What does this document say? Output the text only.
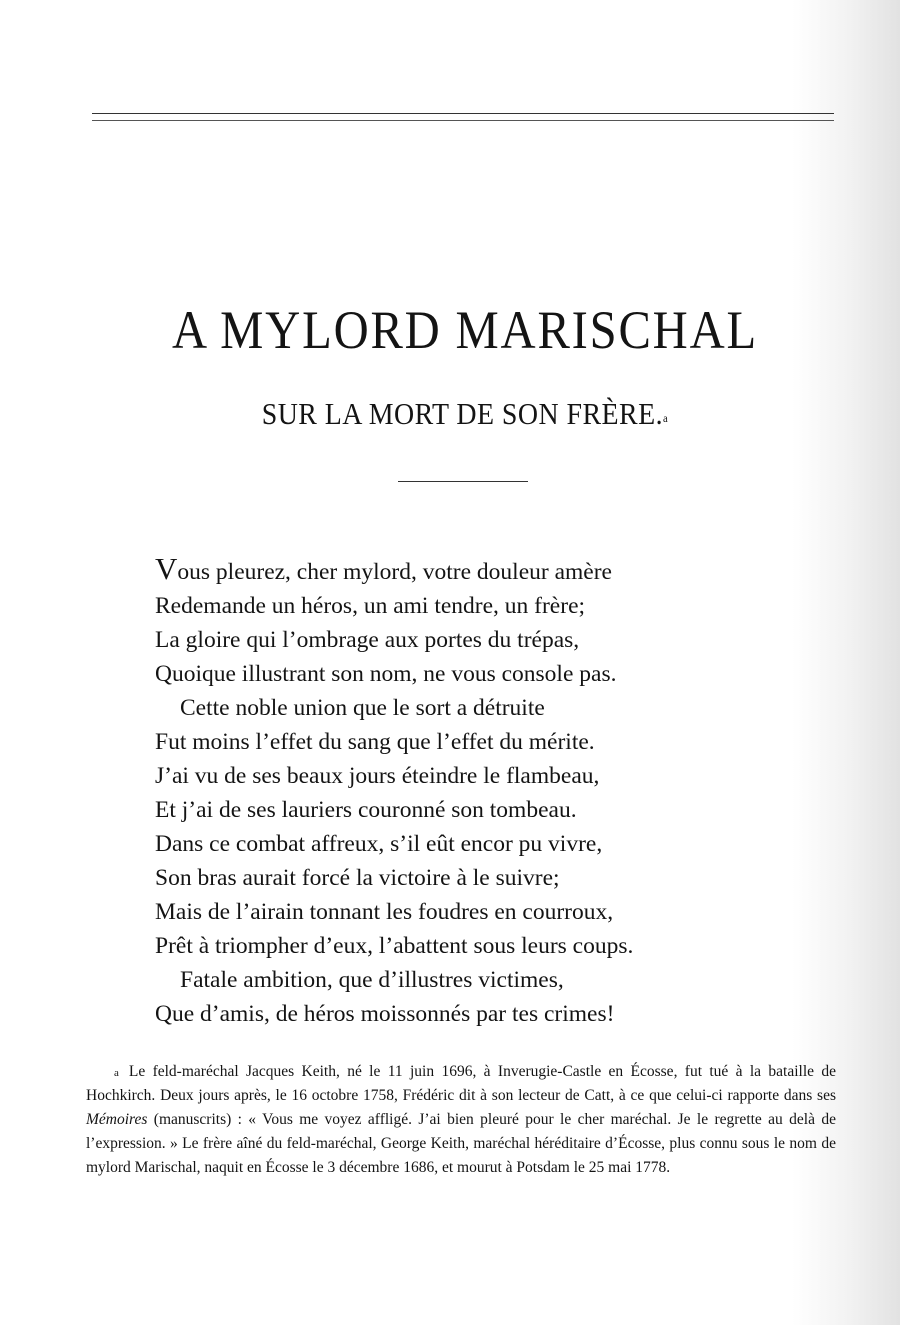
A MYLORD MARISCHAL
SUR LA MORT DE SON FRÈRE.$^a$
Vous pleurez, cher mylord, votre douleur amère
Redemande un héros, un ami tendre, un frère;
La gloire qui l’ombrage aux portes du trépas,
Quoique illustrant son nom, ne vous console pas.
Cette noble union que le sort a détruite
Fut moins l’effet du sang que l’effet du mérite.
J’ai vu de ses beaux jours éteindre le flambeau,
Et j’ai de ses lauriers couronné son tombeau.
Dans ce combat affreux, s’il eût encor pu vivre,
Son bras aurait forcé la victoire à le suivre;
Mais de l’airain tonnant les foudres en courroux,
Prêt à triompher d’eux, l’abattent sous leurs coups.
Fatale ambition, que d’illustres victimes,
Que d’amis, de héros moissonnés par tes crimes!

$^a$ Le feld-maréchal Jacques Keith, né le 11 juin 1696, à Inverugie-Castle en Écosse, fut tué à la bataille de Hochkirch. Deux jours après, le 16 octobre 1758, Frédéric dit à son lecteur de Catt, à ce que celui-ci rapporte dans ses Mémoires (manuscrits) : « Vous me voyez affligé. J’ai bien pleuré pour le cher maréchal. Je le regrette au delà de l’expression. » Le frère aîné du feld-maréchal, George Keith, maréchal héréditaire d’Écosse, plus connu sous le nom de mylord Marischal, naquit en Écosse le 3 décembre 1686, et mourut à Potsdam le 25 mai 1778.
